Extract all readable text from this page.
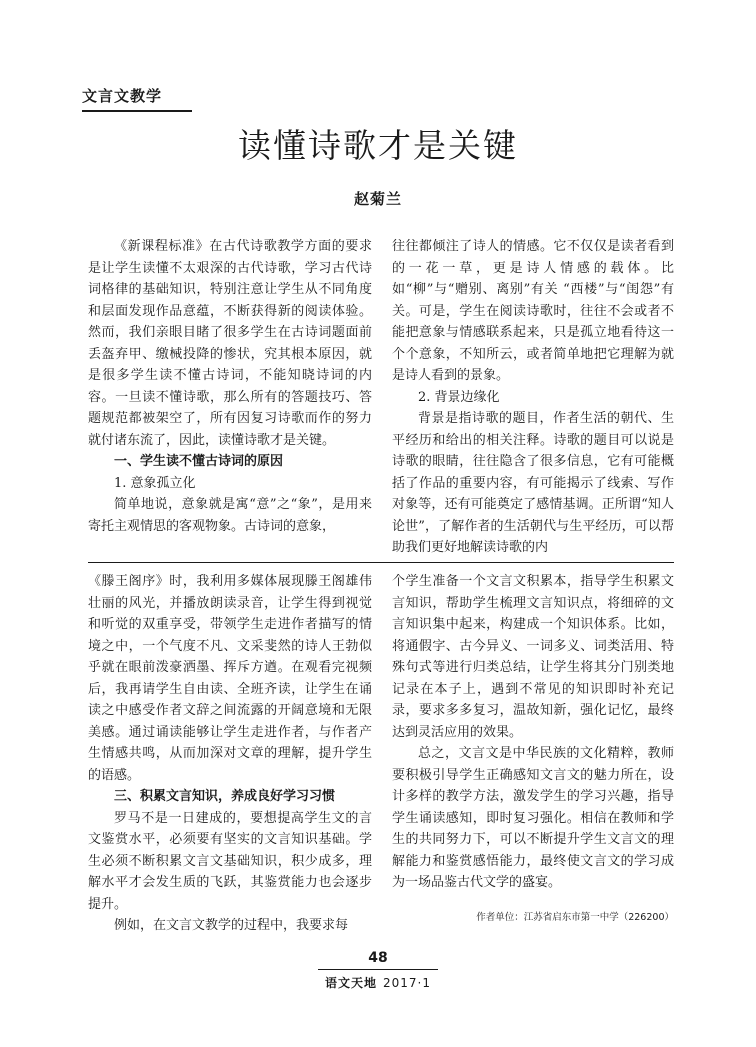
文言文教学
读懂诗歌才是关键
赵菊兰

《新课程标准》在古代诗歌教学方面的要求是让学生读懂不太艰深的古代诗歌，学习古代诗词格律的基础知识，特别注意让学生从不同角度和层面发现作品意蕴，不断获得新的阅读体验。然而，我们亲眼目睹了很多学生在古诗词题面前丢盔弃甲、缴械投降的惨状，究其根本原因，就是很多学生读不懂古诗词，不能知晓诗词的内容。一旦读不懂诗歌，那么所有的答题技巧、答题规范都被架空了，所有因复习诗歌而作的努力就付诸东流了，因此，读懂诗歌才是关键。

一、学生读不懂古诗词的原因
1. 意象孤立化

简单地说，意象就是寓“意”之“象”，是用来寄托主观情思的客观物象。古诗词的意象，

往往都倾注了诗人的情感。它不仅仅是读者看到的一花一草，更是诗人情感的载体。比如“柳”与“赠别、离别”有关 “西楼”与“闺怨”有关。可是，学生在阅读诗歌时，往往不会或者不能把意象与情感联系起来，只是孤立地看待这一个个意象，不知所云，或者简单地把它理解为就是诗人看到的景象。

2. 背景边缘化

背景是指诗歌的题目，作者生活的朝代、生平经历和给出的相关注释。诗歌的题目可以说是诗歌的眼睛，往往隐含了很多信息，它有可能概括了作品的重要内容，有可能揭示了线索、写作对象等，还有可能奠定了感情基调。正所谓“知人论世”，了解作者的生活朝代与生平经历，可以帮助我们更好地解读诗歌的内

《滕王阁序》时，我利用多媒体展现滕王阁雄伟壮丽的风光，并播放朗读录音，让学生得到视觉和听觉的双重享受，带领学生走进作者描写的情境之中，一个气度不凡、文采斐然的诗人王勃似乎就在眼前泼豪洒墨、挥斥方遒。在观看完视频后，我再请学生自由读、全班齐读，让学生在诵读之中感受作者文辞之间流露的开阔意境和无限美感。通过诵读能够让学生走进作者，与作者产生情感共鸣，从而加深对文章的理解，提升学生的语感。

三、积累文言知识，养成良好学习习惯

罗马不是一日建成的，要想提高学生文的言文鉴赏水平，必须要有坚实的文言知识基础。学生必须不断积累文言文基础知识，积少成多，理解水平才会发生质的飞跃，其鉴赏能力也会逐步提升。

例如，在文言文教学的过程中，我要求每

个学生准备一个文言文积累本，指导学生积累文言知识，帮助学生梳理文言知识点，将细碎的文言知识集中起来，构建成一个知识体系。比如，将通假字、古今异义、一词多义、词类活用、特殊句式等进行归类总结，让学生将其分门别类地记录在本子上，遇到不常见的知识即时补充记录，要求多多复习，温故知新，强化记忆，最终达到灵活应用的效果。

总之，文言文是中华民族的文化精粹，教师要积极引导学生正确感知文言文的魅力所在，设计多样的教学方法，激发学生的学习兴趣，指导学生诵读感知，即时复习强化。相信在教师和学生的共同努力下，可以不断提升学生文言文的理解能力和鉴赏感悟能力，最终使文言文的学习成为一场品鉴古代文学的盛宴。

作者单位：江苏省启东市第一中学（226200）
48
语文天地 2017·1
